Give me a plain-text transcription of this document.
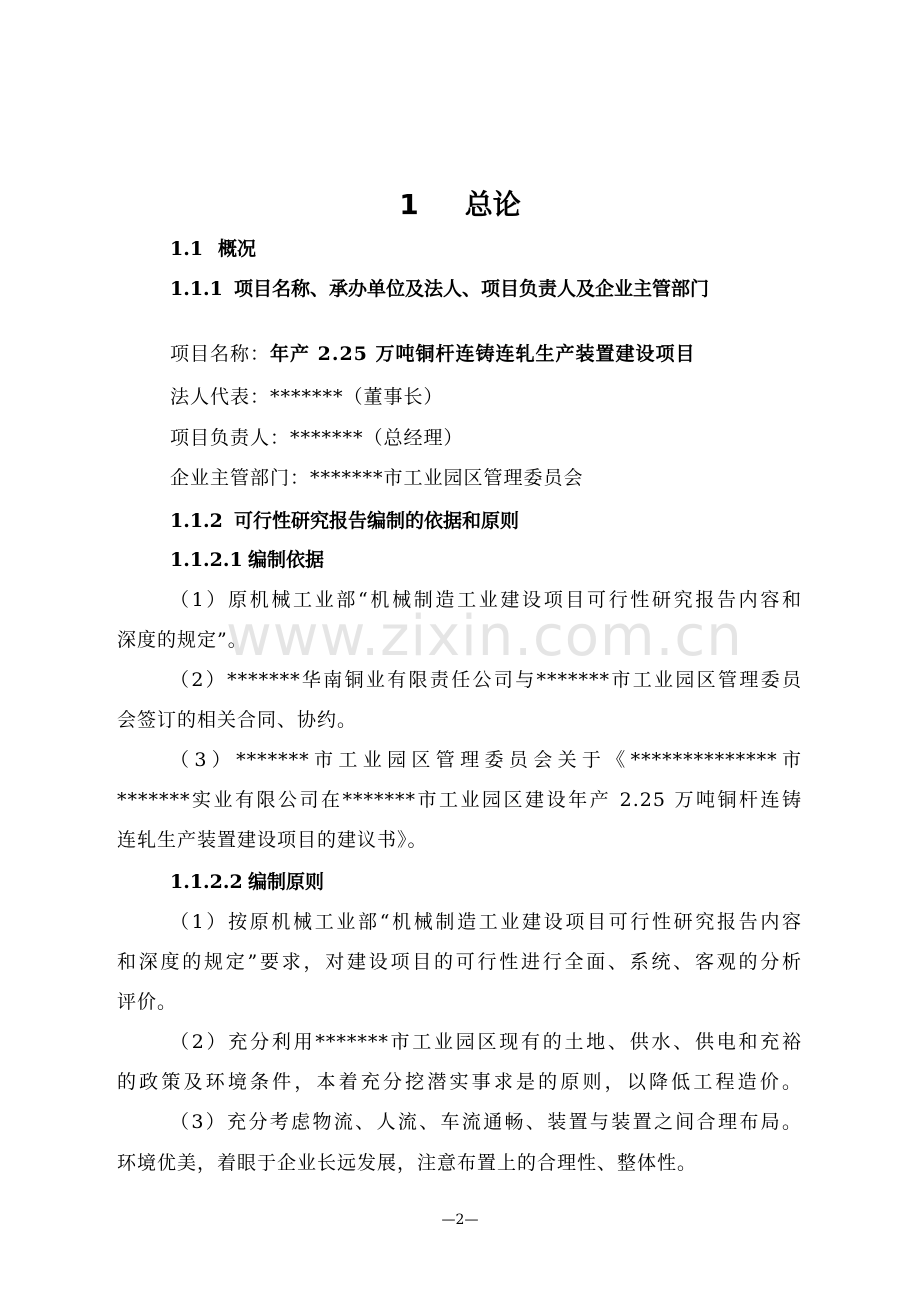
1 总论
1.1 概况
1.1.1 项目名称、承办单位及法人、项目负责人及企业主管部门
项目名称：年产 2.25 万吨铜杆连铸连轧生产装置建设项目
法人代表：*******（董事长）
项目负责人：*******（总经理）
企业主管部门：*******市工业园区管理委员会
1.1.2 可行性研究报告编制的依据和原则
1.1.2.1 编制依据
（1）原机械工业部“机械制造工业建设项目可行性研究报告内容和
深度的规定”。
（2）*******华南铜业有限责任公司与*******市工业园区管理委员
会签订的相关合同、协约。
（3）*******市工业园区管理委员会关于《**************市
*******实业有限公司在*******市工业园区建设年产 2.25 万吨铜杆连铸
连轧生产装置建设项目的建议书》。
1.1.2.2 编制原则
（1）按原机械工业部“机械制造工业建设项目可行性研究报告内容
和深度的规定”要求，对建设项目的可行性进行全面、系统、客观的分析
评价。
（2）充分利用*******市工业园区现有的土地、供水、供电和充裕
的政策及环境条件，本着充分挖潜实事求是的原则，以降低工程造价。
（3）充分考虑物流、人流、车流通畅、装置与装置之间合理布局。
环境优美，着眼于企业长远发展，注意布置上的合理性、整体性。
www.zixin.com.cn
—2—
